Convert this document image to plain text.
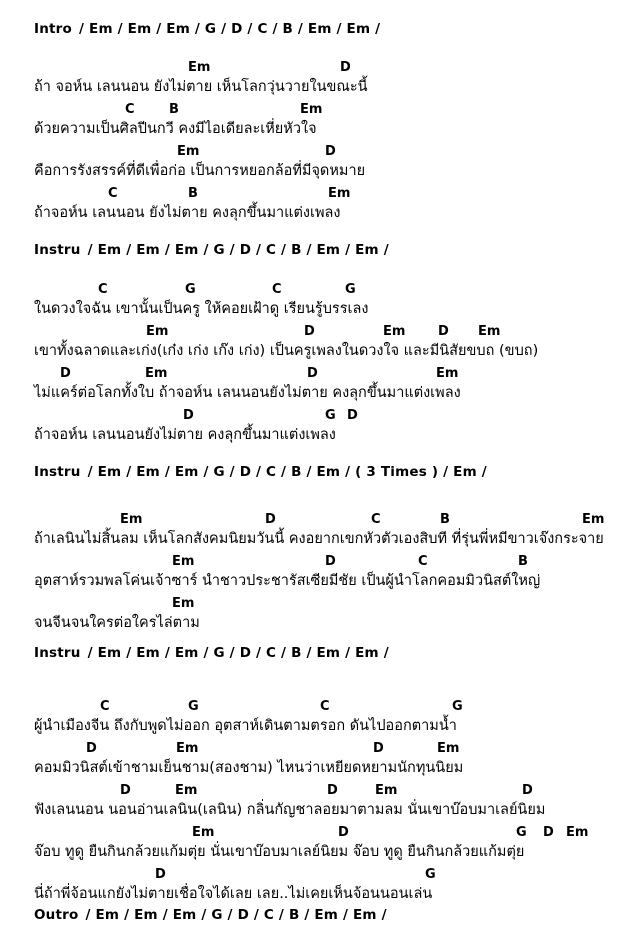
Intro / Em / Em / Em / G / D / C / B / Em / Em /
Instru / Em / Em / Em / G / D / C / B / Em / Em /
Instru / Em / Em / Em / G / D / C / B / Em / ( 3 Times ) / Em /
Instru / Em / Em / Em / G / D / C / B / Em / Em /
Outro / Em / Em / Em / G / D / C / B / Em / Em /
ถ้า จอห์น เลนนอน ยังไม่ตาย เห็นโลกวุ่นวายในขณะนี้
Em	D
ด้วยความเป็นศิลปีนกวี คงมีไอเดียละเหี่ยหัวใจ
C	B	Em
คือการรังสรรค์ที่ดีเพื่อก่อ เป็นการหยอกล้อที่มีจุดหมาย
Em	D
ถ้าจอห์น เลนนอน ยังไม่ตาย คงลุกขึ้นมาแต่งเพลง
C	B	Em
ในดวงใจฉัน เขานั้นเป็นครู ให้คอยเฝ้าดู เรียนรู้บรรเลง
C	G	C	G
เขาทั้งฉลาดและเก่ง(เก๋ง เก่ง เก๊ง เก่ง) เป็นครูเพลงในดวงใจ และมีนิสัยขบถ (ขบถ)
Em	D	Em	D Em
ไม่แคร์ต่อโลกทั้งใบ ถ้าจอห์น เลนนอนยังไม่ตาย คงลุกขึ้นมาแต่งเพลง
D	Em	D	Em
ถ้าจอห์น เลนนอนยังไม่ตาย คงลุกขึ้นมาแต่งเพลง
D	G D
ถ้าเลนินไม่สิ้นลม เห็นโลกสังคมนิยมวันนี้ คงอยากเขกหัวตัวเองสิบที ที่รุ่นพี่หมีขาวเจ๊งกระจาย
Em	D	C	B	Em
อุตสาห์รวมพลโค่นเจ้าซาร์ นำชาวประชารัสเซียมีชัย เป็นผู้นำโลกคอมมิวนิสต์ใหญ่
Em	D	C	B
จนจีนจนใครต่อใครไล่ตาม
Em
ผู้นำเมืองจีน ถึงกับพูดไม่ออก อุตสาห์เดินตามตรอก ดันไปออกตามน้ำ
C	G	C	G
คอมมิวนิสต์เข้าชามเย็นชาม(สองชาม) ไหนว่าเหยียดหยามนักทุนนิยม
D	Em	D	Em
ฟังเลนนอน นอนอ่านเลนิน(เลนิน) กลิ่นกัญชาลอยมาตามลม นั่นเขาบ๊อบมาเลย์นิยม
D	Em	D	Em	D
จ๊อบ ทูดู ยืนกินกล้วยแก้มตุ่ย นั่นเขาบ๊อบมาเลย์นิยม จ๊อบ ทูดู ยืนกินกล้วยแก้มตุ่ย
Em	D	G D Em
นี่ถ้าพี่จ้อนแกยังไม่ตายเชื่อใจได้เลย เลย..ไม่เคยเห็นจ้อนนอนเล่น
D	G
